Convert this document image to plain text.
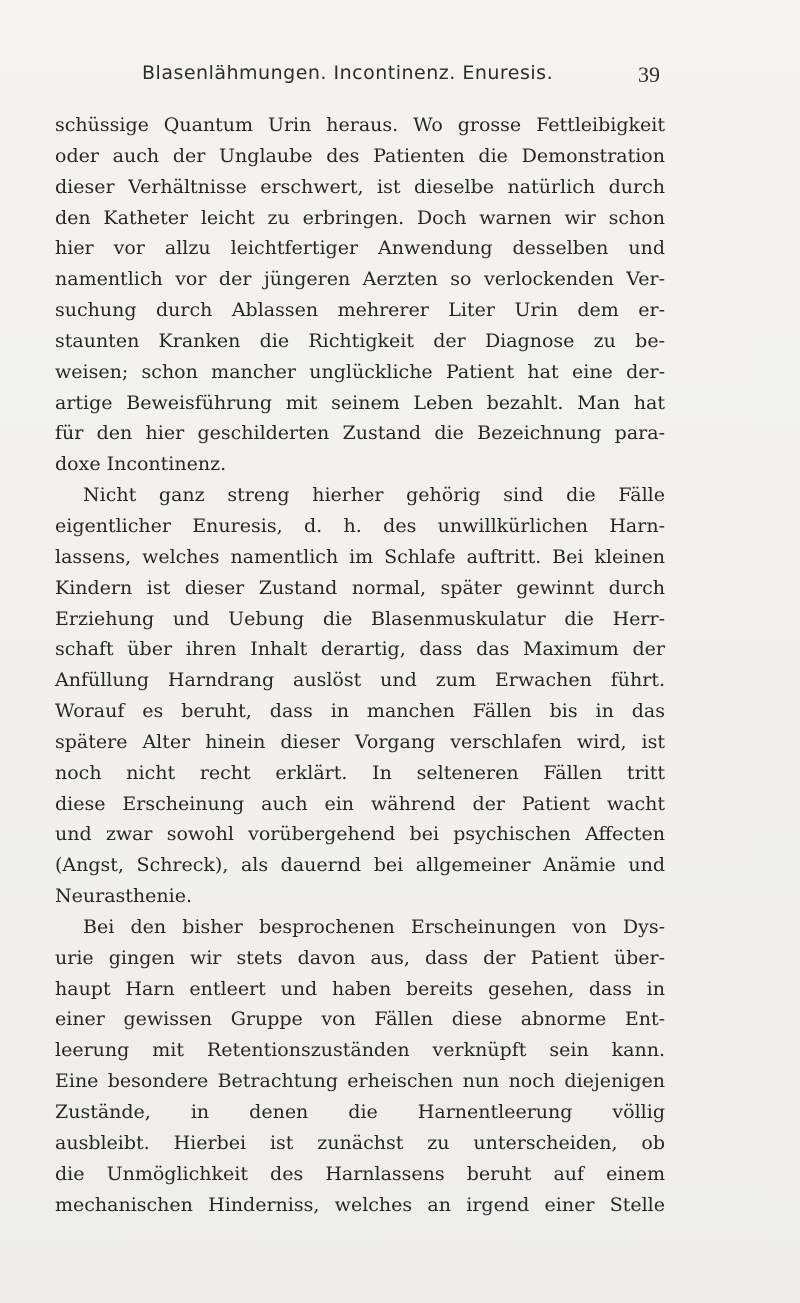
Blasenlähmungen. Incontinenz. Enuresis.	39
schüssige Quantum Urin heraus. Wo grosse Fettleibigkeit
oder auch der Unglaube des Patienten die Demonstration
dieser Verhältnisse erschwert, ist dieselbe natürlich durch
den Katheter leicht zu erbringen. Doch warnen wir schon
hier vor allzu leichtfertiger Anwendung desselben und
namentlich vor der jüngeren Aerzten so verlockenden Ver-
suchung durch Ablassen mehrerer Liter Urin dem er-
staunten Kranken die Richtigkeit der Diagnose zu be-
weisen; schon mancher unglückliche Patient hat eine der-
artige Beweisführung mit seinem Leben bezahlt. Man hat
für den hier geschilderten Zustand die Bezeichnung para-
doxe Incontinenz.
Nicht ganz streng hierher gehörig sind die Fälle
eigentlicher Enuresis, d. h. des unwillkürlichen Harn-
lassens, welches namentlich im Schlafe auftritt. Bei kleinen
Kindern ist dieser Zustand normal, später gewinnt durch
Erziehung und Uebung die Blasenmuskulatur die Herr-
schaft über ihren Inhalt derartig, dass das Maximum der
Anfüllung Harndrang auslöst und zum Erwachen führt.
Worauf es beruht, dass in manchen Fällen bis in das
spätere Alter hinein dieser Vorgang verschlafen wird, ist
noch nicht recht erklärt. In selteneren Fällen tritt
diese Erscheinung auch ein während der Patient wacht
und zwar sowohl vorübergehend bei psychischen Affecten
(Angst, Schreck), als dauernd bei allgemeiner Anämie und
Neurasthenie.
Bei den bisher besprochenen Erscheinungen von Dys-
urie gingen wir stets davon aus, dass der Patient über-
haupt Harn entleert und haben bereits gesehen, dass in
einer gewissen Gruppe von Fällen diese abnorme Ent-
leerung mit Retentionszuständen verknüpft sein kann.
Eine besondere Betrachtung erheischen nun noch diejenigen
Zustände, in denen die Harnentleerung völlig
ausbleibt. Hierbei ist zunächst zu unterscheiden, ob
die Unmöglichkeit des Harnlassens beruht auf einem
mechanischen Hinderniss, welches an irgend einer Stelle
